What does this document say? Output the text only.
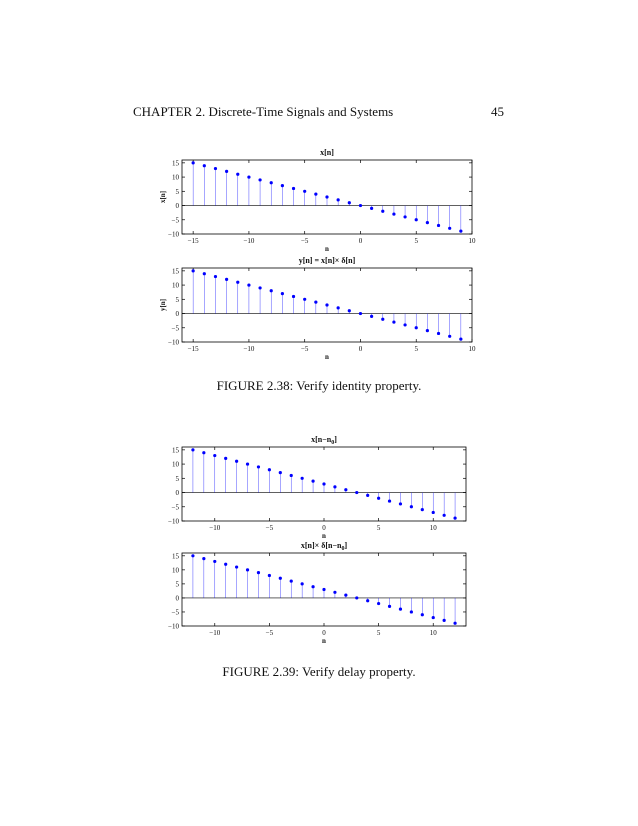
CHAPTER 2. Discrete-Time Signals and Systems	45
15
10
5
0
−5
−10
−15	−10	−5	0	5	10
n
x[n]
x[n]
15
10
5
0
−5
−10
−15	−10	−5	0	5	10
n
y[n]
y[n] = x[n]× δ[n]
FIGURE 2.38: Verify identity property.
15
10
5
0
−5
−10
−10	−5	0	5	10
n
$x[n-n_0]$
15
10
5
0
−5
−10
−10	−5	0	5	10
n
$x[n]\times \delta[n-n_0]$
FIGURE 2.39: Verify delay property.
